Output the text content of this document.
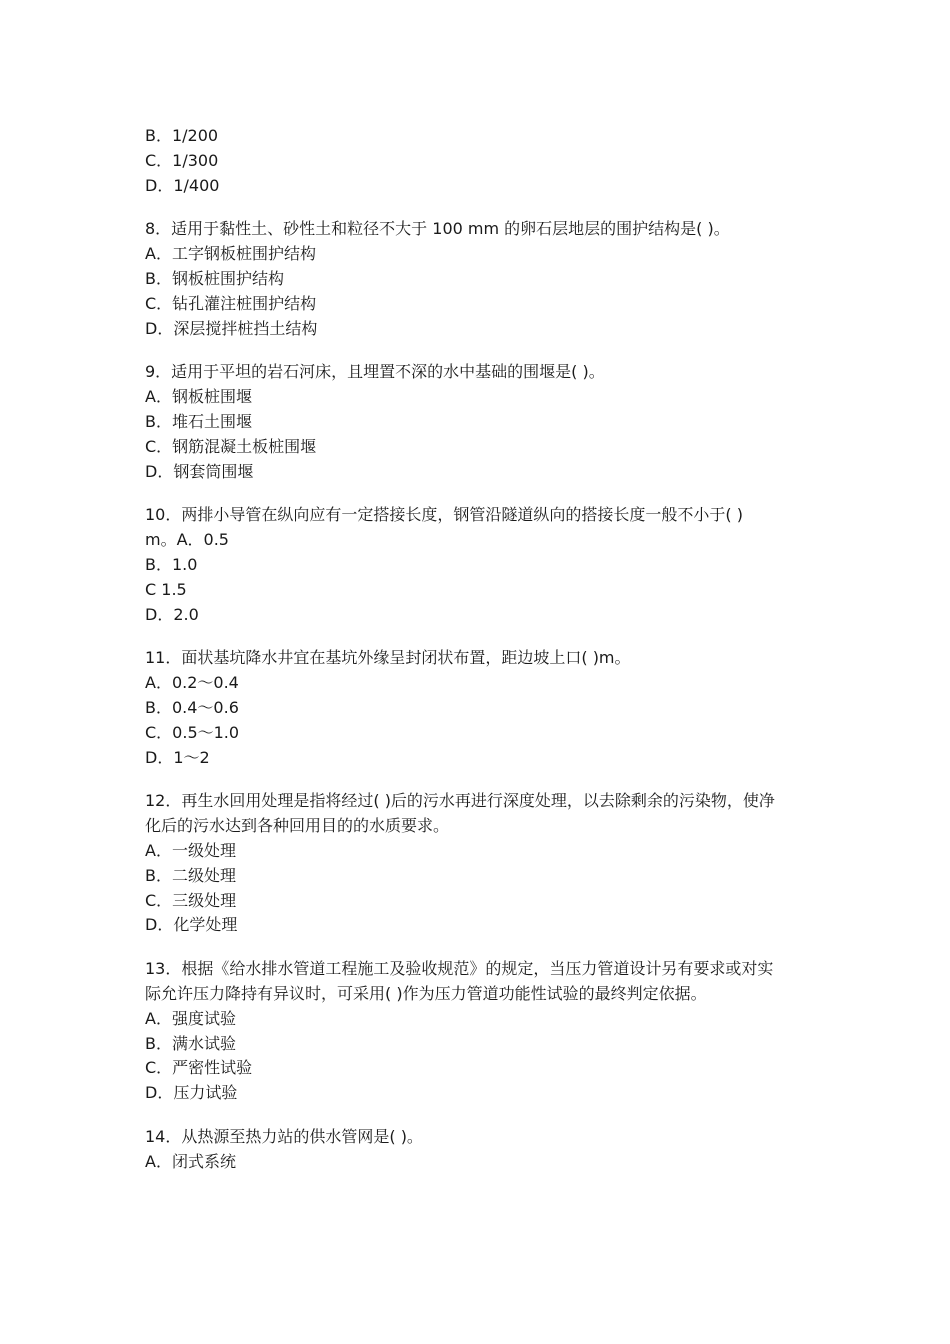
B．1/200
C．1/300
D．1/400
8．适用于黏性土、砂性土和粒径不大于 100 mm 的卵石层地层的围护结构是( )。
A．工字钢板桩围护结构
B．钢板桩围护结构
C．钻孔灌注桩围护结构
D．深层搅拌桩挡土结构
9．适用于平坦的岩石河床，且埋置不深的水中基础的围堰是( )。
A．钢板桩围堰
B．堆石土围堰
C．钢筋混凝土板桩围堰
D．钢套筒围堰
10．两排小导管在纵向应有一定搭接长度，钢管沿隧道纵向的搭接长度一般不小于( )
m。A．0.5
B．1.0
C 1.5
D．2.0
11．面状基坑降水井宜在基坑外缘呈封闭状布置，距边坡上口( )m。
A．0.2～0.4
B．0.4～0.6
C．0.5～1.0
D．1～2
12．再生水回用处理是指将经过( )后的污水再进行深度处理，以去除剩余的污染物，使净
化后的污水达到各种回用目的的水质要求。
A．一级处理
B．二级处理
C．三级处理
D．化学处理
13．根据《给水排水管道工程施工及验收规范》的规定，当压力管道设计另有要求或对实
际允许压力降持有异议时，可采用( )作为压力管道功能性试验的最终判定依据。
A．强度试验
B．满水试验
C．严密性试验
D．压力试验
14．从热源至热力站的供水管网是( )。
A．闭式系统
